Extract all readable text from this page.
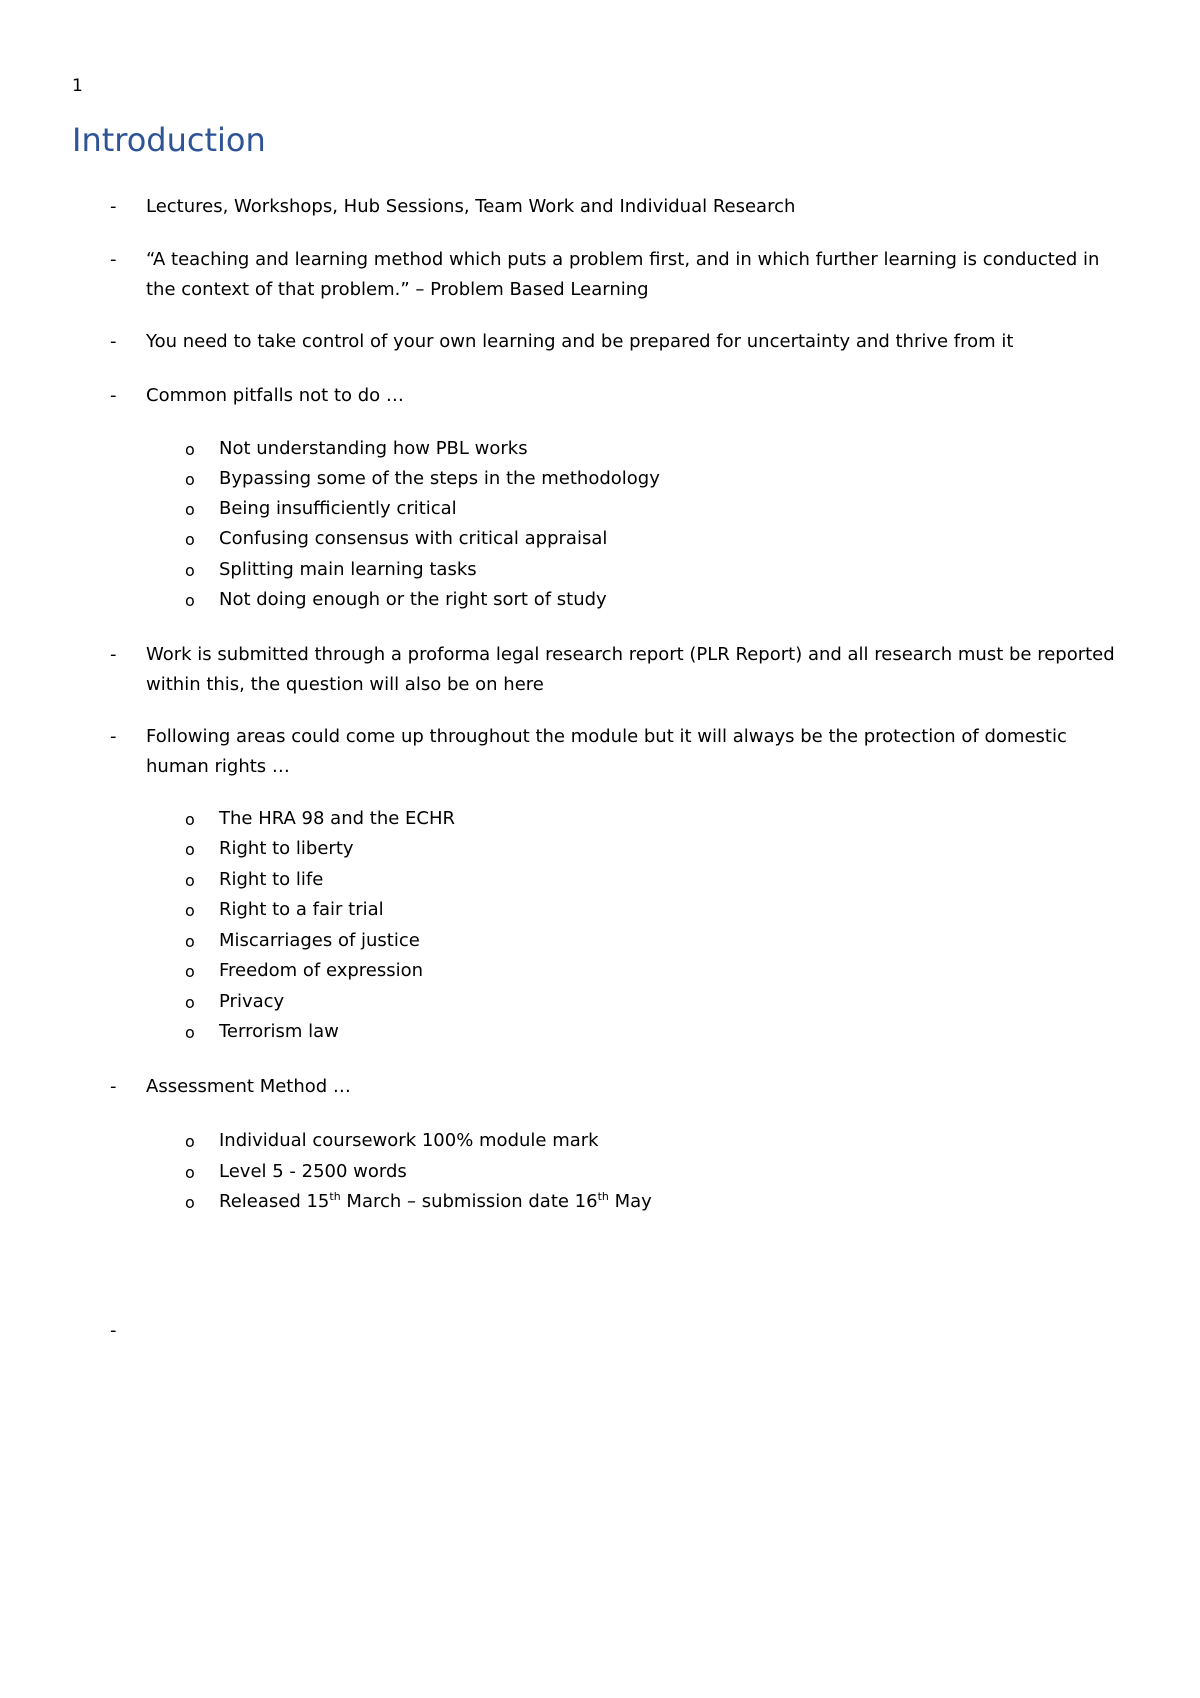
1
Introduction
- Lectures, Workshops, Hub Sessions, Team Work and Individual Research
- “A teaching and learning method which puts a problem first, and in which further learning is conducted in the context of that problem.” – Problem Based Learning
- You need to take control of your own learning and be prepared for uncertainty and thrive from it
- Common pitfalls not to do …
o Not understanding how PBL works
o Bypassing some of the steps in the methodology
o Being insufficiently critical
o Confusing consensus with critical appraisal
o Splitting main learning tasks
o Not doing enough or the right sort of study
- Work is submitted through a proforma legal research report (PLR Report) and all research must be reported within this, the question will also be on here
- Following areas could come up throughout the module but it will always be the protection of domestic human rights …
o The HRA 98 and the ECHR
o Right to liberty
o Right to life
o Right to a fair trial
o Miscarriages of justice
o Freedom of expression
o Privacy
o Terrorism law
- Assessment Method …
o Individual coursework 100% module mark
o Level 5 - 2500 words
o Released 15th March – submission date 16th May
-
